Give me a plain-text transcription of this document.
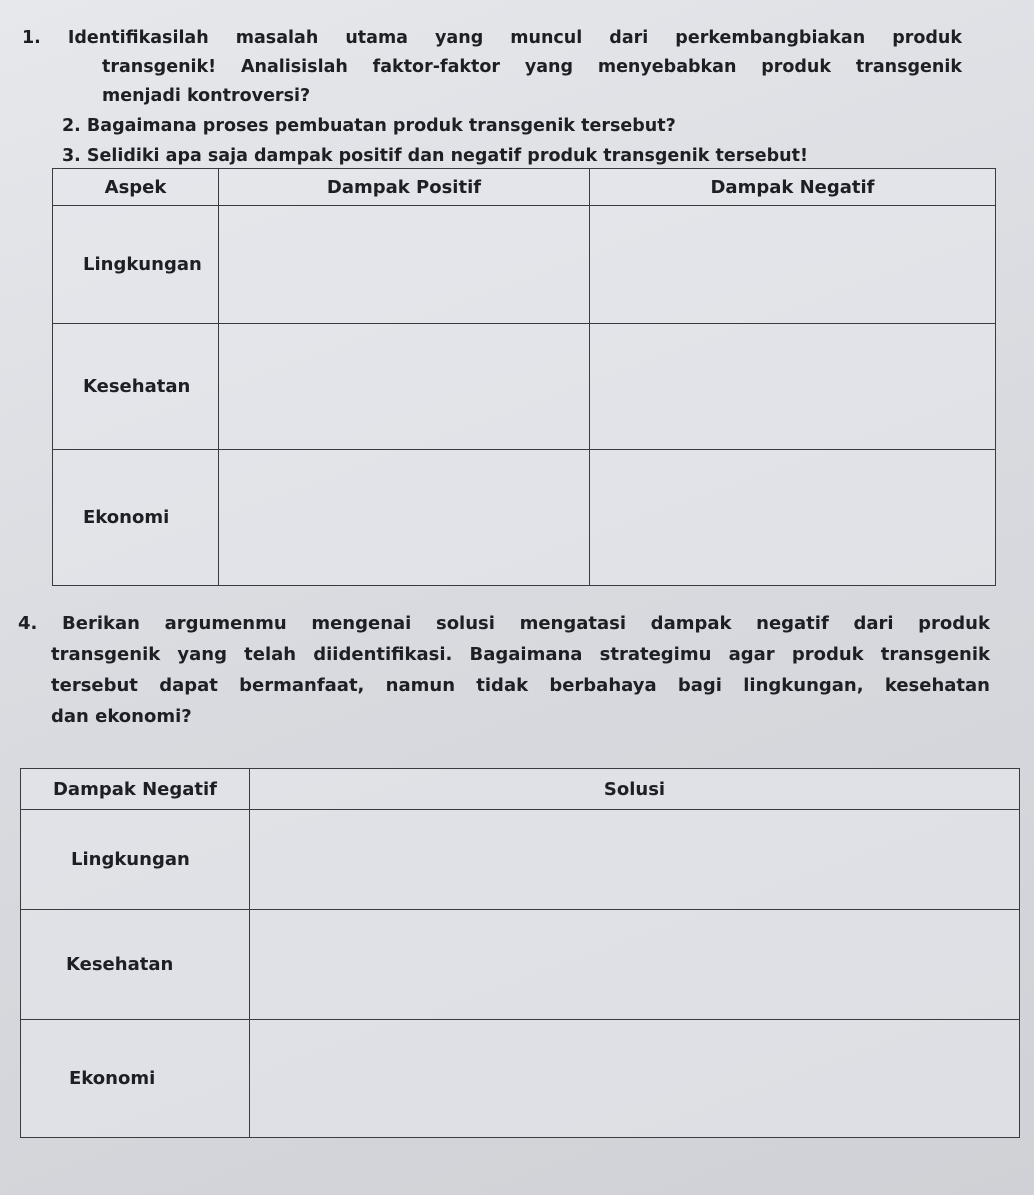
1. Identifikasilah masalah utama yang muncul dari perkembangbiakan produk
transgenik! Analisislah faktor-faktor yang menyebabkan produk transgenik
menjadi kontroversi?
2. Bagaimana proses pembuatan produk transgenik tersebut?
3. Selidiki apa saja dampak positif dan negatif produk transgenik tersebut!
Aspek	Dampak Positif	Dampak Negatif
Lingkungan		
Kesehatan		
Ekonomi		
4. Berikan argumenmu mengenai solusi mengatasi dampak negatif dari produk
transgenik yang telah diidentifikasi. Bagaimana strategimu agar produk transgenik
tersebut dapat bermanfaat, namun tidak berbahaya bagi lingkungan, kesehatan
dan ekonomi?
Dampak Negatif	Solusi
Lingkungan	
Kesehatan	
Ekonomi	
